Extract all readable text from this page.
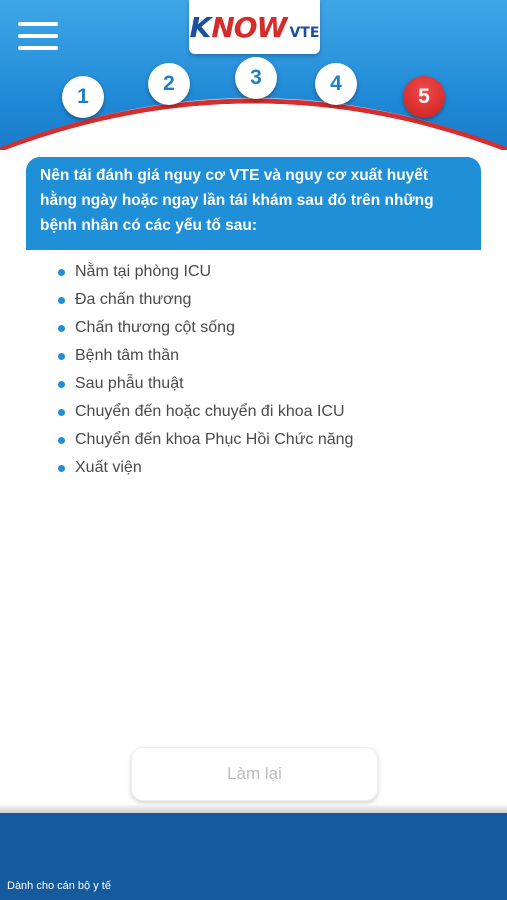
K NOW VTE
1
2	3	4
5
Nên tái đánh giá nguy cơ VTE và nguy cơ xuất huyết hằng ngày hoặc ngay lần tái khám sau đó trên những bệnh nhân có các yếu tố sau:
Nằm tại phòng ICU
Đa chấn thương
Chấn thương cột sống
Bệnh tâm thần
Sau phẫu thuật
Chuyển đến hoặc chuyển đi khoa ICU
Chuyển đến khoa Phục Hồi Chức năng
Xuất viện
Làm lại
Dành cho cán bộ y tế
